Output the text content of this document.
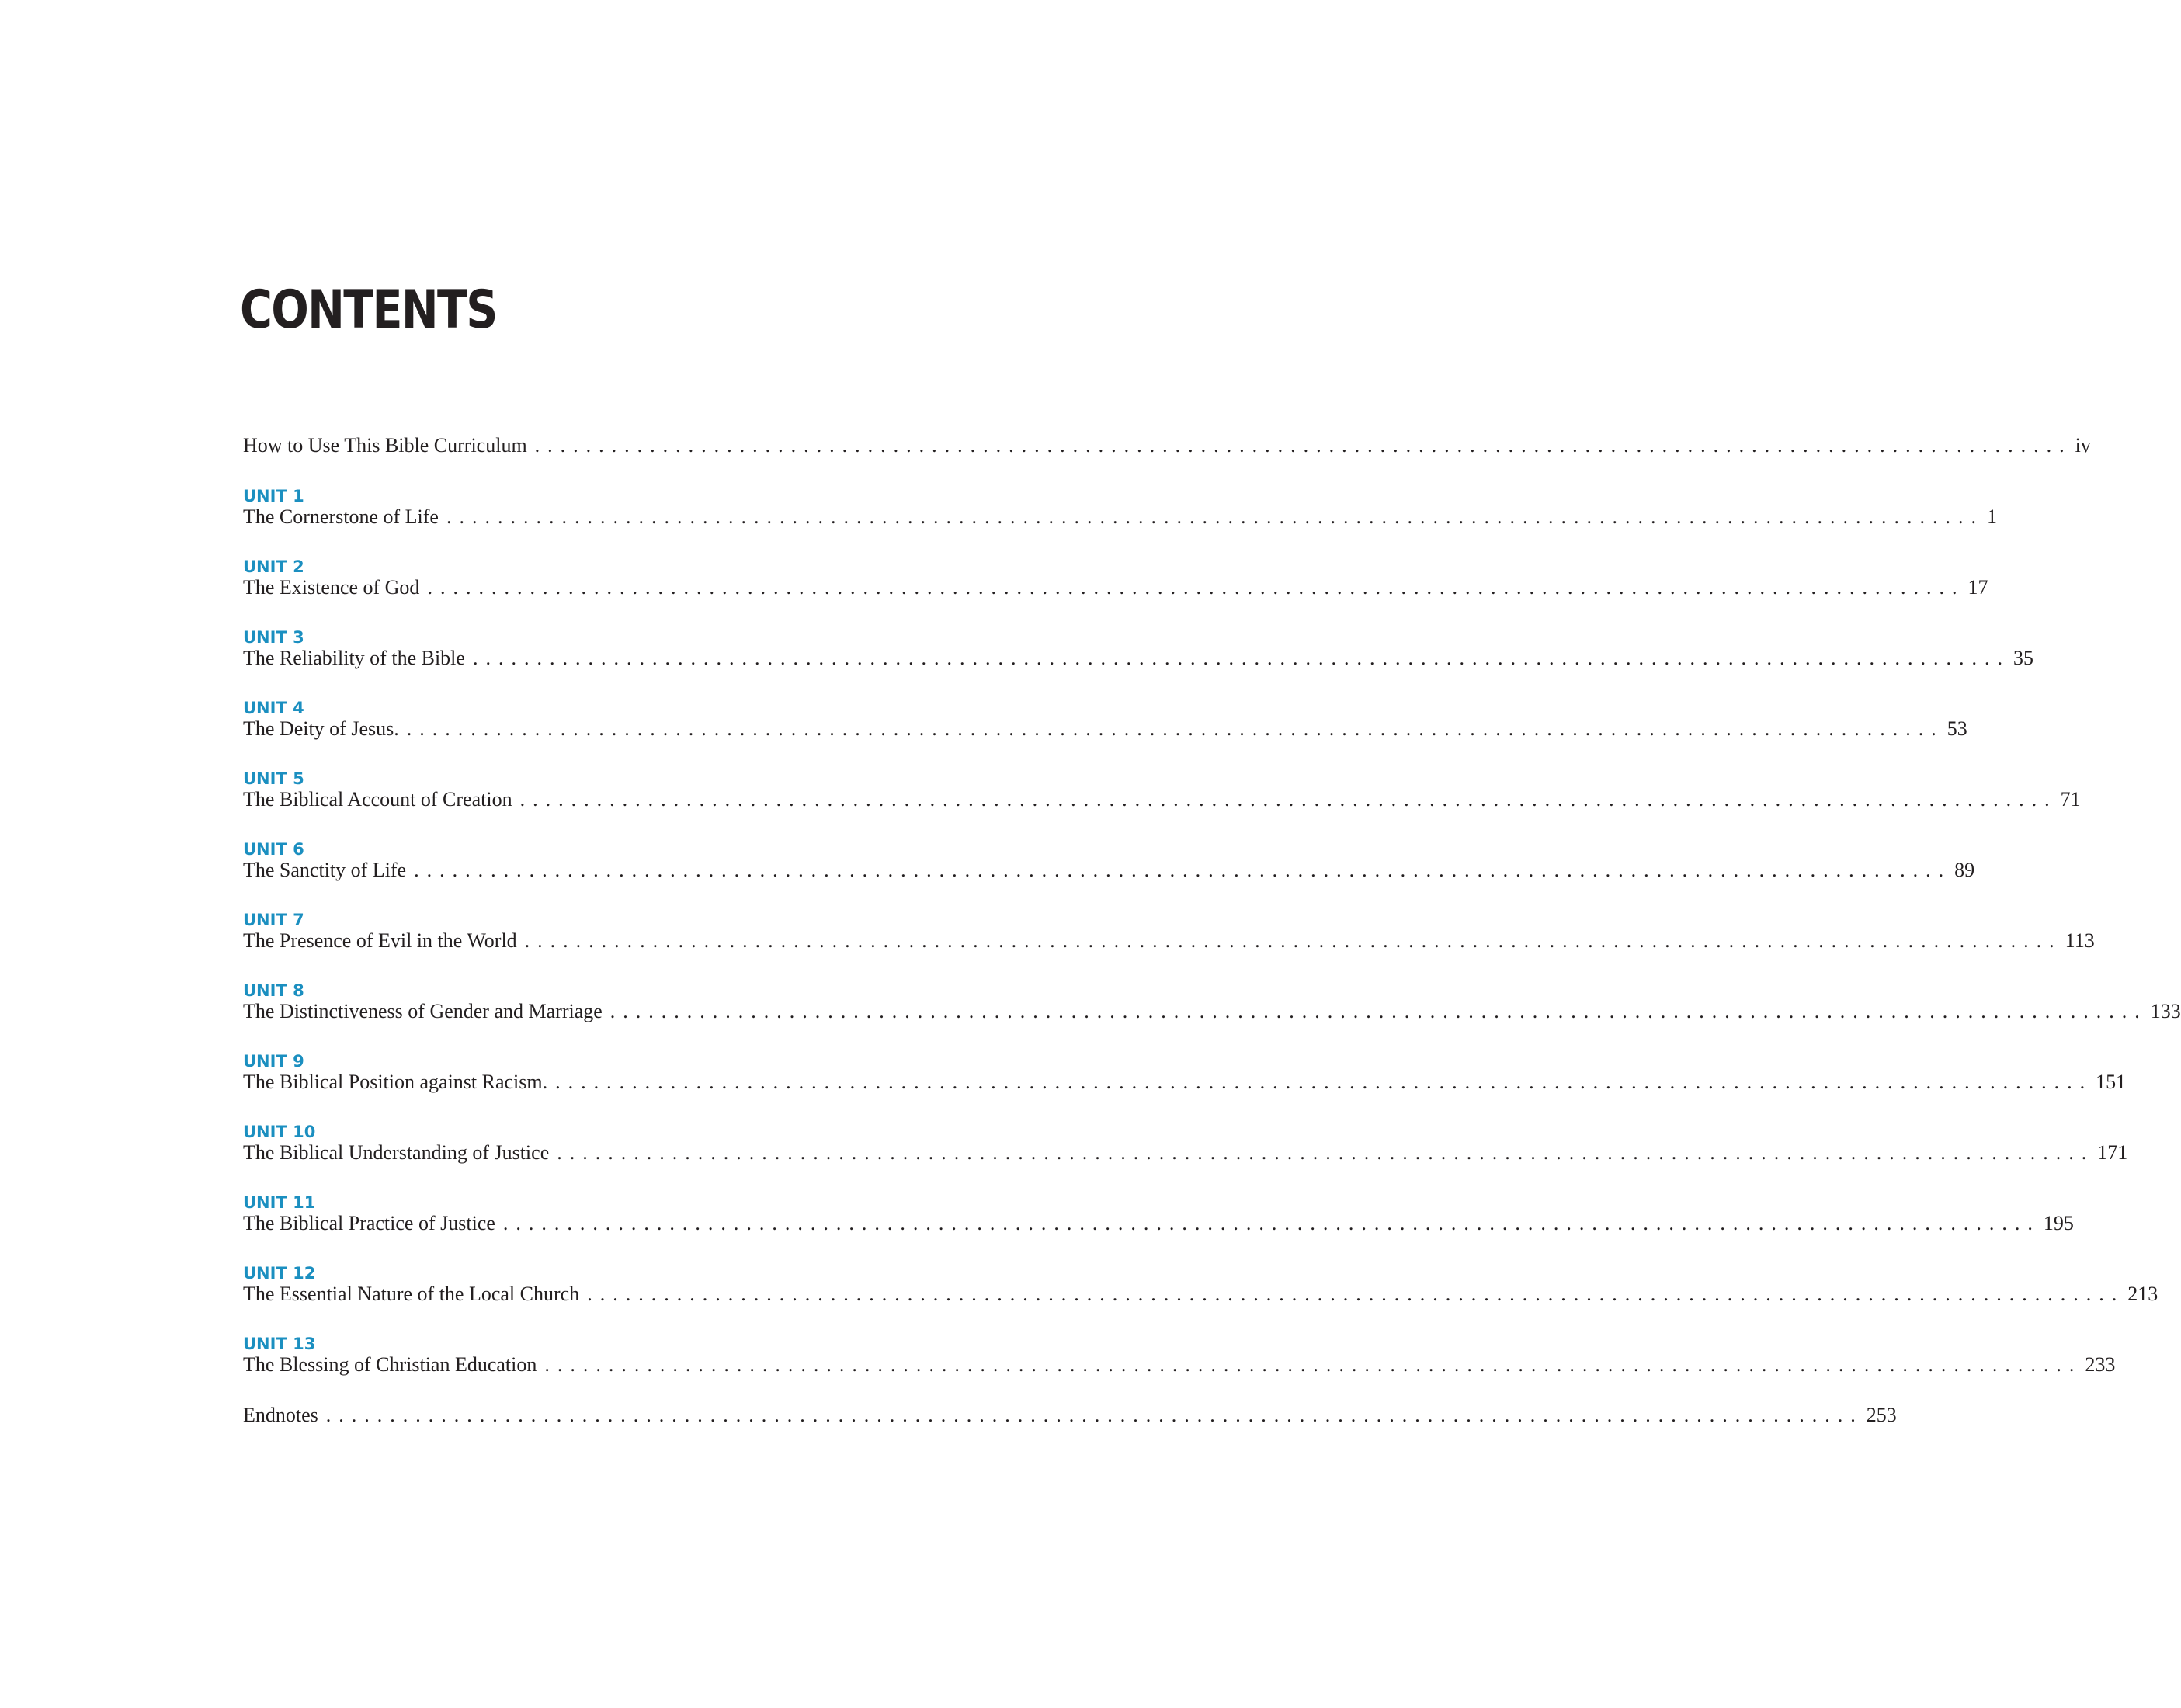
CONTENTS
How to Use This Bible Curriculum ........................................................................................................................ iv
UNIT 1
The Cornerstone of Life ........................................................................................................................ 1
UNIT 2
The Existence of God ........................................................................................................................ 17
UNIT 3
The Reliability of the Bible ........................................................................................................................ 35
UNIT 4
The Deity of Jesus. ........................................................................................................................ 53
UNIT 5
The Biblical Account of Creation ........................................................................................................................ 71
UNIT 6
The Sanctity of Life ........................................................................................................................ 89
UNIT 7
The Presence of Evil in the World ........................................................................................................................ 113
UNIT 8
The Distinctiveness of Gender and Marriage ........................................................................................................................ 133
UNIT 9
The Biblical Position against Racism. ........................................................................................................................ 151
UNIT 10
The Biblical Understanding of Justice ........................................................................................................................ 171
UNIT 11
The Biblical Practice of Justice ........................................................................................................................ 195
UNIT 12
The Essential Nature of the Local Church ........................................................................................................................ 213
UNIT 13
The Blessing of Christian Education ........................................................................................................................ 233
Endnotes ........................................................................................................................ 253
